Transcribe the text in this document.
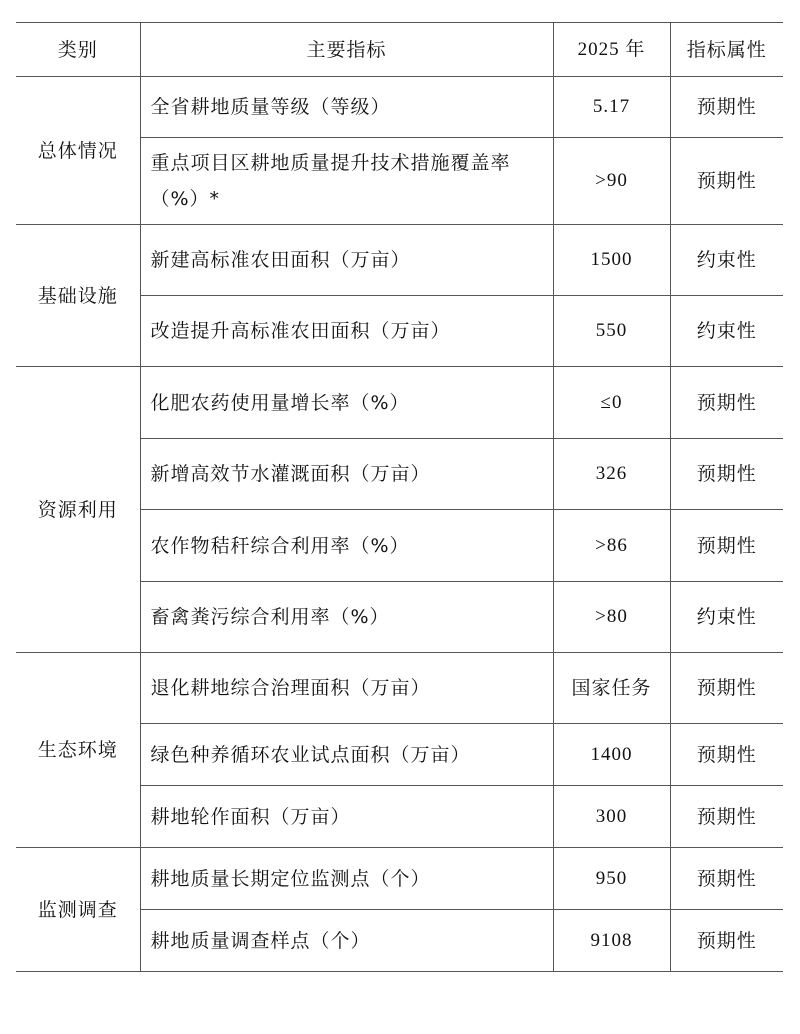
类别	主要指标	2025 年	指标属性
总体情况	全省耕地质量等级（等级）	5.17	预期性
	重点项目区耕地质量提升技术措施覆盖率（%）*	>90	预期性
基础设施	新建高标准农田面积（万亩）	1500	约束性
	改造提升高标准农田面积（万亩）	550	约束性
资源利用	化肥农药使用量增长率（%）	≤0	预期性
	新增高效节水灌溉面积（万亩）	326	预期性
	农作物秸秆综合利用率（%）	>86	预期性
	畜禽粪污综合利用率（%）	>80	约束性
生态环境	退化耕地综合治理面积（万亩）	国家任务	预期性
	绿色种养循环农业试点面积（万亩）	1400	预期性
	耕地轮作面积（万亩）	300	预期性
监测调查	耕地质量长期定位监测点（个）	950	预期性
	耕地质量调查样点（个）	9108	预期性
